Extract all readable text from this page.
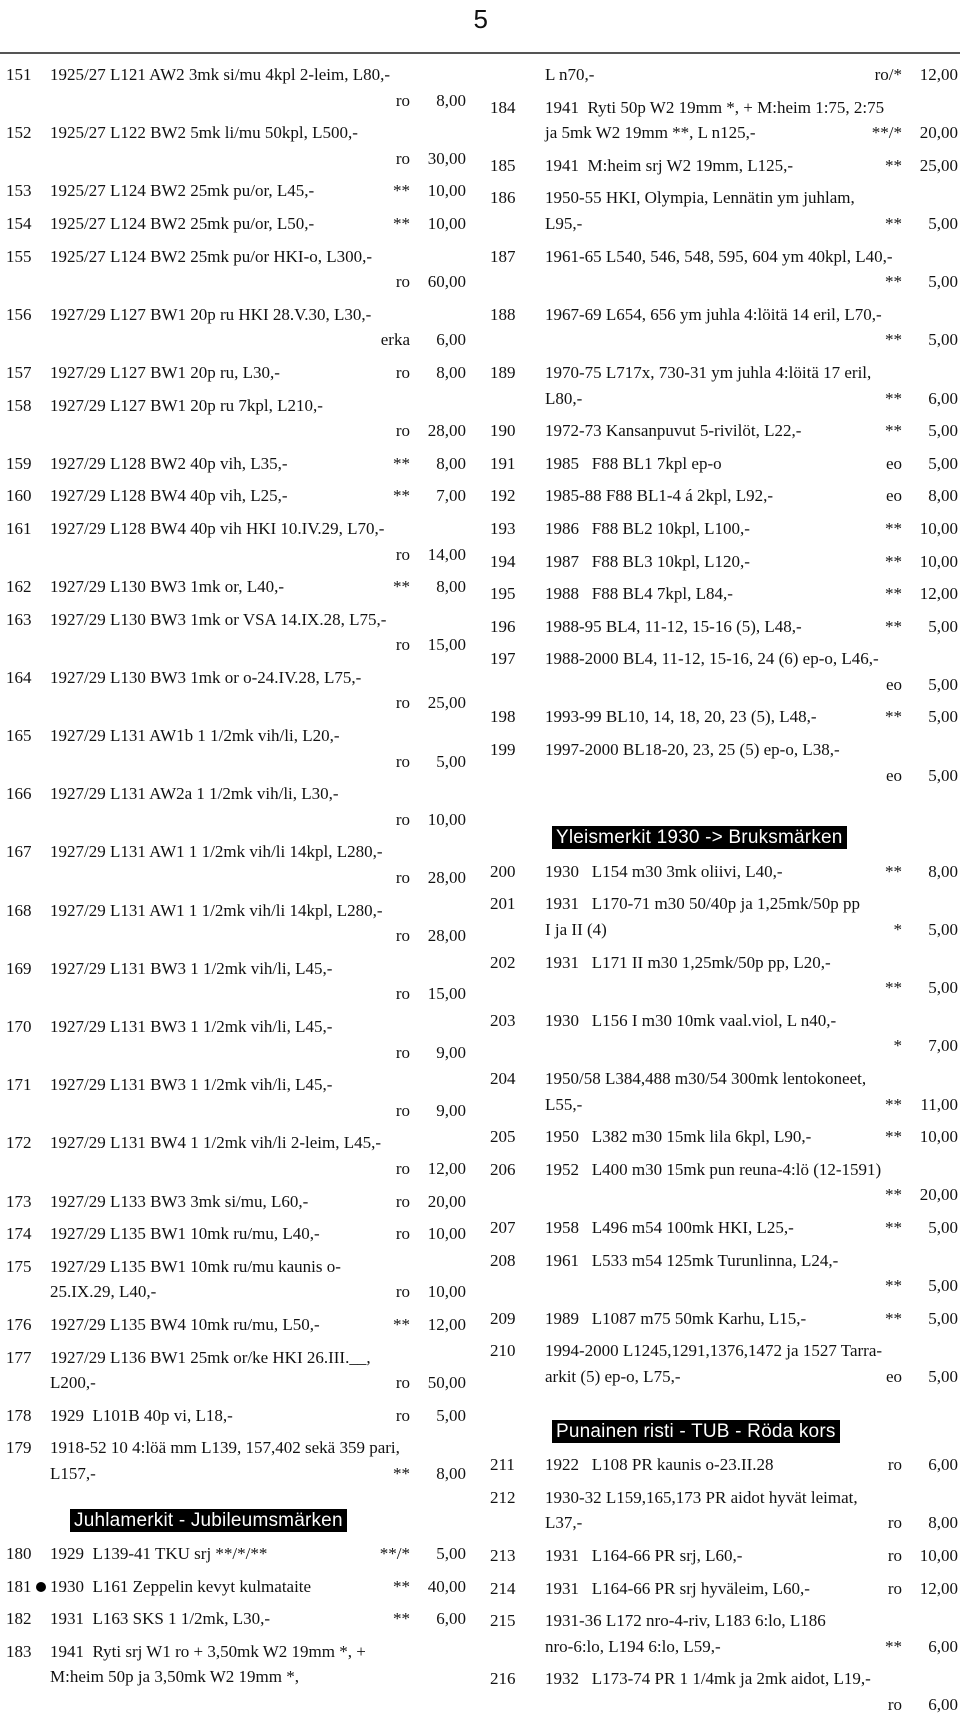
5
151 1925/27 L121 AW2 3mk si/mu 4kpl 2-leim, L80,-
ro 8,00
152 1925/27 L122 BW2 5mk li/mu 50kpl, L500,-
ro 30,00
153 1925/27 L124 BW2 25mk pu/or, L45,-	** 10,00
154 1925/27 L124 BW2 25mk pu/or, L50,-	** 10,00
155 1925/27 L124 BW2 25mk pu/or HKI-o, L300,-
ro 60,00
156 1927/29 L127 BW1 20p ru HKI 28.V.30, L30,-
erka 6,00
157 1927/29 L127 BW1 20p ru, L30,-	ro 8,00
158 1927/29 L127 BW1 20p ru 7kpl, L210,-
ro 28,00
159 1927/29 L128 BW2 40p vih, L35,-	** 8,00
160 1927/29 L128 BW4 40p vih, L25,-	** 7,00
161 1927/29 L128 BW4 40p vih HKI 10.IV.29, L70,-
ro 14,00
162 1927/29 L130 BW3 1mk or, L40,-	** 8,00
163 1927/29 L130 BW3 1mk or VSA 14.IX.28, L75,-
ro 15,00
164 1927/29 L130 BW3 1mk or o-24.IV.28, L75,-
ro 25,00
165 1927/29 L131 AW1b 1 1/2mk vih/li, L20,-
ro 5,00
166 1927/29 L131 AW2a 1 1/2mk vih/li, L30,-
ro 10,00
167 1927/29 L131 AW1 1 1/2mk vih/li 14kpl, L280,-
ro 28,00
168 1927/29 L131 AW1 1 1/2mk vih/li 14kpl, L280,-
ro 28,00
169 1927/29 L131 BW3 1 1/2mk vih/li, L45,-
ro 15,00
170 1927/29 L131 BW3 1 1/2mk vih/li, L45,-
ro 9,00
171 1927/29 L131 BW3 1 1/2mk vih/li, L45,-
ro 9,00
172 1927/29 L131 BW4 1 1/2mk vih/li 2-leim, L45,-
ro 12,00
173 1927/29 L133 BW3 3mk si/mu, L60,-	ro 20,00
174 1927/29 L135 BW1 10mk ru/mu, L40,-	ro 10,00
175 1927/29 L135 BW1 10mk ru/mu kaunis o-
25.IX.29, L40,-	ro 10,00
176 1927/29 L135 BW4 10mk ru/mu, L50,-	** 12,00
177 1927/29 L136 BW1 25mk or/ke HKI 26.III.__,
L200,-	ro 50,00
178 1929  L101B 40p vi, L18,-	ro 5,00
179 1918-52 10 4:löä mm L139, 157,402 sekä 359 pari,
L157,-	** 8,00
Juhlamerkit - Jubileumsmärken
180 1929  L139-41 TKU srj **/*/**	**/* 5,00
181 1930  L161 Zeppelin kevyt kulmataite	** 40,00
182 1931  L163 SKS 1 1/2mk, L30,-	** 6,00
183 1941  Ryti srj W1 ro + 3,50mk W2 19mm *, +
M:heim 50p ja 3,50mk W2 19mm *,
L n70,-	ro/* 12,00
184 1941  Ryti 50p W2 19mm *, + M:heim 1:75, 2:75
ja 5mk W2 19mm **, L n125,-	**/* 20,00
185 1941  M:heim srj W2 19mm, L125,-	** 25,00
186 1950-55 HKI, Olympia, Lennätin ym juhlam,
L95,-	** 5,00
187 1961-65 L540, 546, 548, 595, 604 ym 40kpl, L40,-
** 5,00
188 1967-69 L654, 656 ym juhla 4:löitä 14 eril, L70,-
** 5,00
189 1970-75 L717x, 730-31 ym juhla 4:löitä 17 eril,
L80,-	** 6,00
190 1972-73 Kansanpuvut 5-rivilöt, L22,-	** 5,00
191 1985   F88 BL1 7kpl ep-o	eo 5,00
192 1985-88 F88 BL1-4 á 2kpl, L92,-	eo 8,00
193 1986   F88 BL2 10kpl, L100,-	** 10,00
194 1987   F88 BL3 10kpl, L120,-	** 10,00
195 1988   F88 BL4 7kpl, L84,-	** 12,00
196 1988-95 BL4, 11-12, 15-16 (5), L48,-	** 5,00
197 1988-2000 BL4, 11-12, 15-16, 24 (6) ep-o, L46,-
eo 5,00
198 1993-99 BL10, 14, 18, 20, 23 (5), L48,-	** 5,00
199 1997-2000 BL18-20, 23, 25 (5) ep-o, L38,-
eo 5,00
Yleismerkit 1930 -> Bruksmärken
200 1930   L154 m30 3mk oliivi, L40,-	** 8,00
201 1931   L170-71 m30 50/40p ja 1,25mk/50p pp
I ja II (4)	* 5,00
202 1931   L171 II m30 1,25mk/50p pp, L20,-
** 5,00
203 1930   L156 I m30 10mk vaal.viol, L n40,-
* 7,00
204 1950/58 L384,488 m30/54 300mk lentokoneet,
L55,-	** 11,00
205 1950   L382 m30 15mk lila 6kpl, L90,-	** 10,00
206 1952   L400 m30 15mk pun reuna-4:lö (12-1591)
** 20,00
207 1958   L496 m54 100mk HKI, L25,-	** 5,00
208 1961   L533 m54 125mk Turunlinna, L24,-
** 5,00
209 1989   L1087 m75 50mk Karhu, L15,-	** 5,00
210 1994-2000 L1245,1291,1376,1472 ja 1527 Tarra-
arkit (5) ep-o, L75,-	eo 5,00
Punainen risti - TUB - Röda kors
211 1922   L108 PR kaunis o-23.II.28	ro 6,00
212 1930-32 L159,165,173 PR aidot hyvät leimat,
L37,-	ro 8,00
213 1931   L164-66 PR srj, L60,-	ro 10,00
214 1931   L164-66 PR srj hyväleim, L60,-	ro 12,00
215 1931-36 L172 nro-4-riv, L183 6:lo, L186
nro-6:lo, L194 6:lo, L59,-	** 6,00
216 1932   L173-74 PR 1 1/4mk ja 2mk aidot, L19,-
ro 6,00
